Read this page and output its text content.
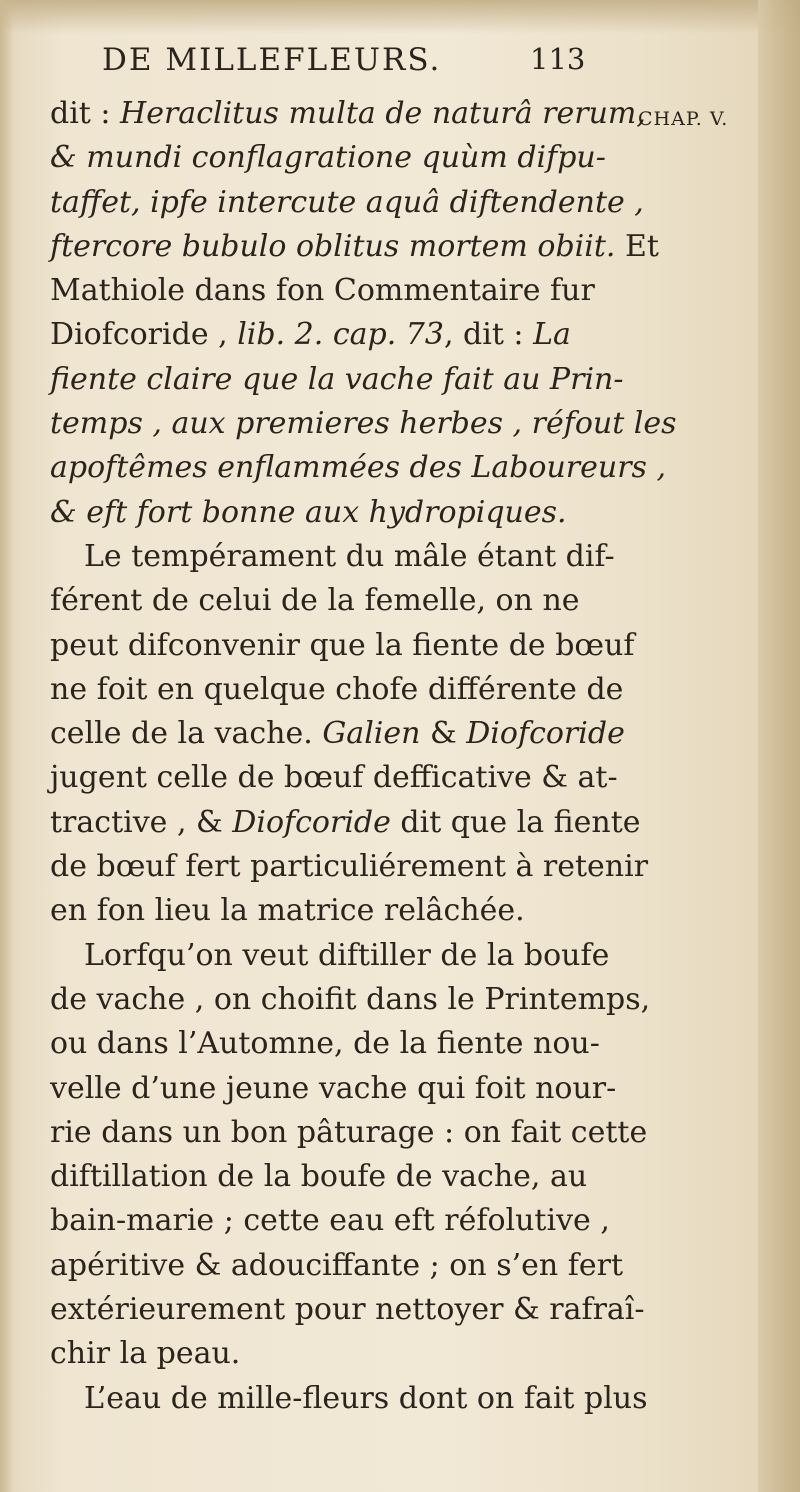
DE MILLEFLEURS.	113
CHAP. V.
dit : Heraclitus multa de naturâ rerum,
& mundi conflagratione quùm difpu-
taffet, ipfe intercute aquâ diftendente ,
ftercore bubulo oblitus mortem obiit. Et
Mathiole dans fon Commentaire fur
Diofcoride , lib. 2. cap. 73, dit : La
fiente claire que la vache fait au Prin-
temps , aux premieres herbes , réfout les
apoftêmes enflammées des Laboureurs ,
& eft fort bonne aux hydropiques.
Le tempérament du mâle étant dif-
férent de celui de la femelle, on ne
peut difconvenir que la fiente de bœuf
ne foit en quelque chofe différente de
celle de la vache. Galien & Diofcoride
jugent celle de bœuf defficative & at-
tractive , & Diofcoride dit que la fiente
de bœuf fert particuliérement à retenir
en fon lieu la matrice relâchée.
Lorfqu’on veut diftiller de la boufe
de vache , on choifit dans le Printemps,
ou dans l’Automne, de la fiente nou-
velle d’une jeune vache qui foit nour-
rie dans un bon pâturage : on fait cette
diftillation de la boufe de vache, au
bain-marie ; cette eau eft réfolutive ,
apéritive & adouciffante ; on s’en fert
extérieurement pour nettoyer & rafraî-
chir la peau.
L’eau de mille-fleurs dont on fait plus
